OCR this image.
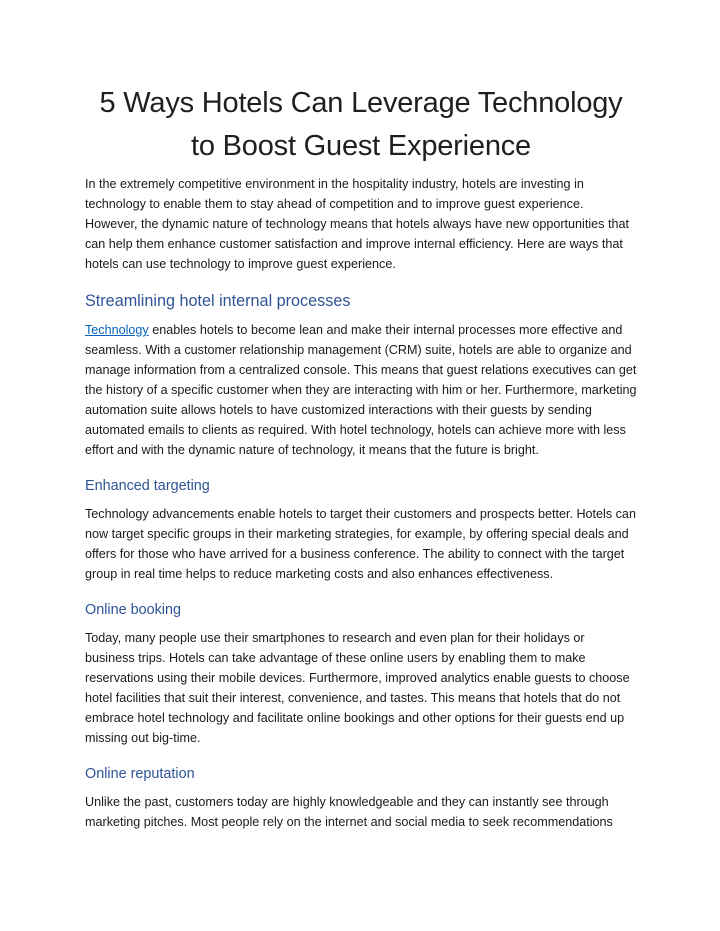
5 Ways Hotels Can Leverage Technology to Boost Guest Experience

In the extremely competitive environment in the hospitality industry, hotels are investing in technology to enable them to stay ahead of competition and to improve guest experience. However, the dynamic nature of technology means that hotels always have new opportunities that can help them enhance customer satisfaction and improve internal efficiency. Here are ways that hotels can use technology to improve guest experience.

Streamlining hotel internal processes

Technology enables hotels to become lean and make their internal processes more effective and seamless. With a customer relationship management (CRM) suite, hotels are able to organize and manage information from a centralized console. This means that guest relations executives can get the history of a specific customer when they are interacting with him or her. Furthermore, marketing automation suite allows hotels to have customized interactions with their guests by sending automated emails to clients as required. With hotel technology, hotels can achieve more with less effort and with the dynamic nature of technology, it means that the future is bright.

Enhanced targeting

Technology advancements enable hotels to target their customers and prospects better. Hotels can now target specific groups in their marketing strategies, for example, by offering special deals and offers for those who have arrived for a business conference. The ability to connect with the target group in real time helps to reduce marketing costs and also enhances effectiveness.

Online booking

Today, many people use their smartphones to research and even plan for their holidays or business trips. Hotels can take advantage of these online users by enabling them to make reservations using their mobile devices. Furthermore, improved analytics enable guests to choose hotel facilities that suit their interest, convenience, and tastes. This means that hotels that do not embrace hotel technology and facilitate online bookings and other options for their guests end up missing out big-time.

Online reputation

Unlike the past, customers today are highly knowledgeable and they can instantly see through marketing pitches. Most people rely on the internet and social media to seek recommendations
